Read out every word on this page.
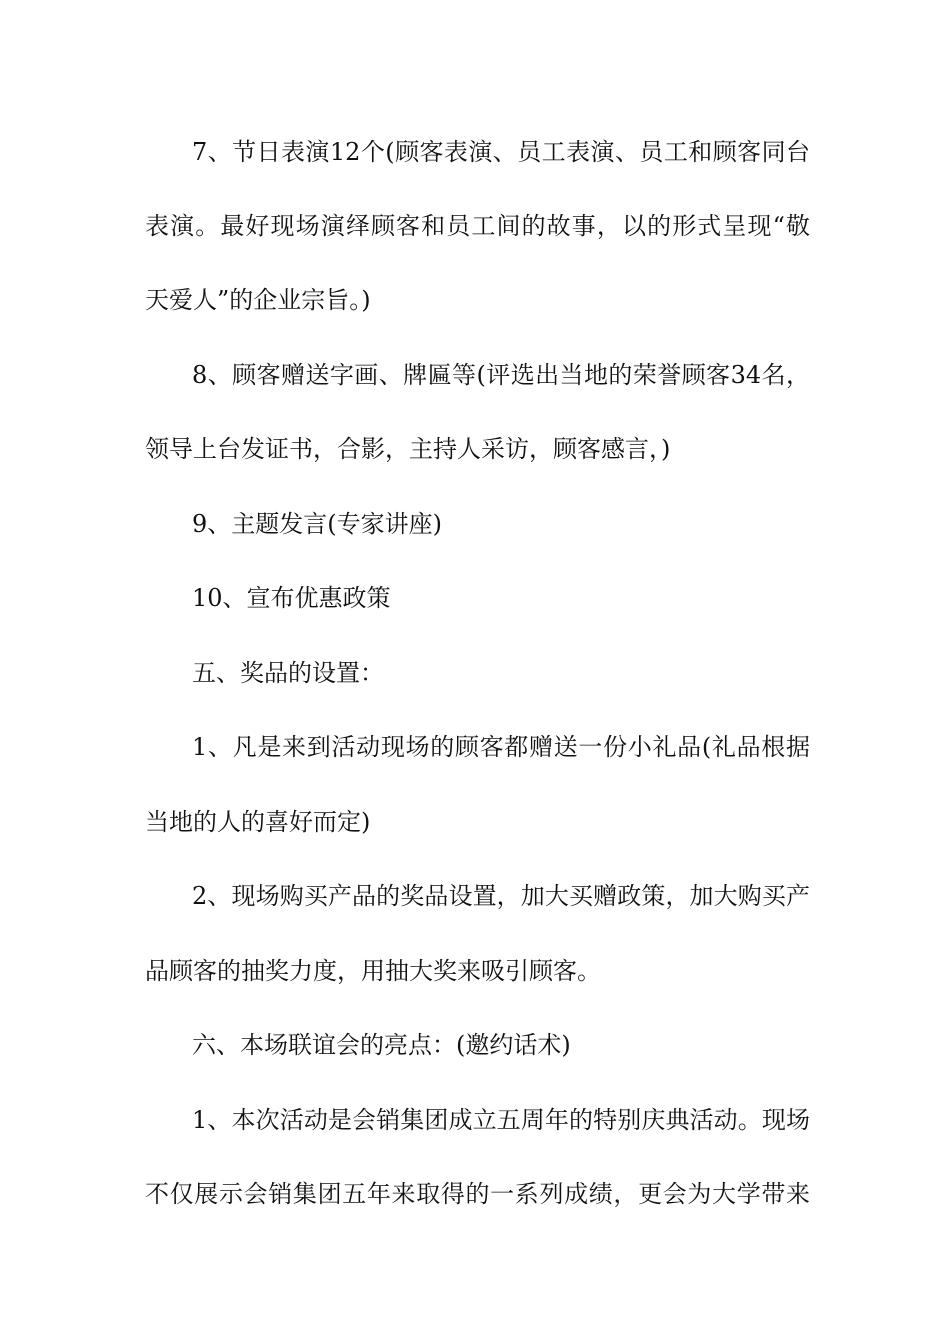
7、节日表演12个(顾客表演、员工表演、员工和顾客同台
表演。最好现场演绎顾客和员工间的故事，以的形式呈现“敬
天爱人”的企业宗旨。)
8、顾客赠送字画、牌匾等(评选出当地的荣誉顾客34名，
领导上台发证书，合影，主持人采访，顾客感言，)
9、主题发言(专家讲座)
10、宣布优惠政策
五、奖品的设置：
1、凡是来到活动现场的顾客都赠送一份小礼品(礼品根据
当地的人的喜好而定)
2、现场购买产品的奖品设置，加大买赠政策，加大购买产
品顾客的抽奖力度，用抽大奖来吸引顾客。
六、本场联谊会的亮点：(邀约话术)
1、本次活动是会销集团成立五周年的特别庆典活动。现场
不仅展示会销集团五年来取得的一系列成绩，更会为大学带来
